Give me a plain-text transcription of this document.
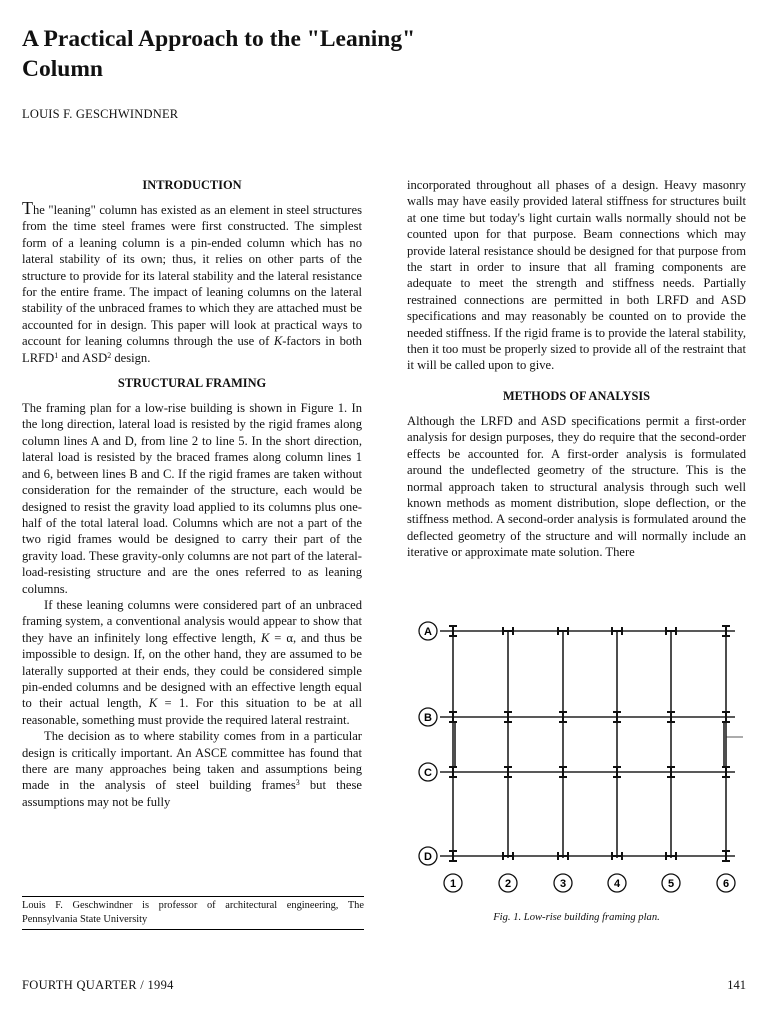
A Practical Approach to the "Leaning" Column
LOUIS F. GESCHWINDNER
INTRODUCTION

The "leaning" column has existed as an element in steel structures from the time steel frames were first constructed. The simplest form of a leaning column is a pin-ended column which has no lateral stability of its own; thus, it relies on other parts of the structure to provide for its lateral stability and the lateral resistance for the entire frame. The impact of leaning columns on the lateral stability of the unbraced frames to which they are attached must be accounted for in design. This paper will look at practical ways to account for leaning columns through the use of K-factors in both LRFD$^1$ and ASD$^2$ design.

STRUCTURAL FRAMING

The framing plan for a low-rise building is shown in Figure 1. In the long direction, lateral load is resisted by the rigid frames along column lines A and D, from line 2 to line 5. In the short direction, lateral load is resisted by the braced frames along column lines 1 and 6, between lines B and C. If the rigid frames are taken without consideration for the remainder of the structure, each would be designed to resist the gravity load applied to its columns plus one-half of the total lateral load. Columns which are not a part of the two rigid frames would be designed to carry their part of the gravity load. These gravity-only columns are not part of the lateral-load-resisting structure and are the ones referred to as leaning columns.

If these leaning columns were considered part of an unbraced framing system, a conventional analysis would appear to show that they have an infinitely long effective length, K = α, and thus be impossible to design. If, on the other hand, they are assumed to be laterally supported at their ends, they could be considered simple pin-ended columns and be designed with an effective length equal to their actual length, K = 1. For this situation to be at all reasonable, something must provide the required lateral restraint.

The decision as to where stability comes from in a particular design is critically important. An ASCE committee has found that there are many approaches being taken and assumptions being made in the analysis of steel building frames$^3$ but these assumptions may not be fully

incorporated throughout all phases of a design. Heavy masonry walls may have easily provided lateral stiffness for structures built at one time but today's light curtain walls normally should not be counted upon for that purpose. Beam connections which may provide lateral resistance should be designed for that purpose from the start in order to insure that all framing components are adequate to meet the strength and stiffness needs. Partially restrained connections are permitted in both LRFD and ASD specifications and may reasonably be counted on to provide the needed stiffness. If the rigid frame is to provide the lateral stability, then it too must be properly sized to provide all of the restraint that it will be called upon to give.

METHODS OF ANALYSIS

Although the LRFD and ASD specifications permit a first-order analysis for design purposes, they do require that the second-order effects be accounted for. A first-order analysis is formulated around the undeflected geometry of the structure. This is the normal approach taken to structural analysis through such well known methods as moment distribution, slope deflection, or the stiffness method. A second-order analysis is formulated around the deflected geometry of the structure and will normally include an iterative or approximate mate solution. There

A
B
C
D
1	2	3	4	5	6
Fig. 1. Low-rise building framing plan.
Louis F. Geschwindner is professor of architectural engineering, The Pennsylvania State University
FOURTH QUARTER / 1994	141
